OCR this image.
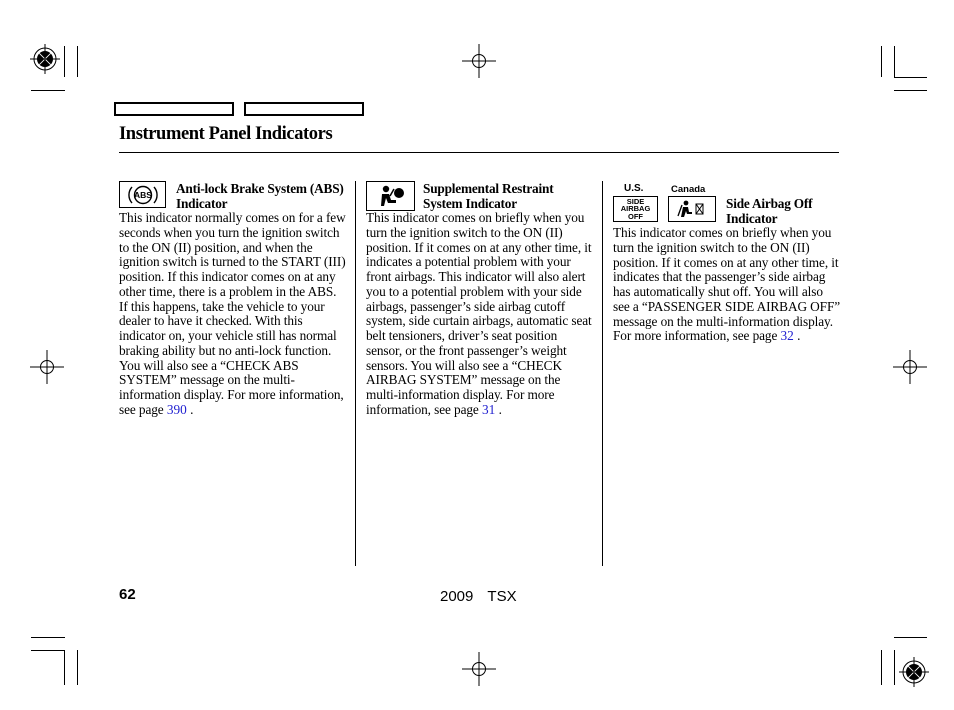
Instrument Panel Indicators
ABS Anti-lock Brake System (ABS) Indicator
This indicator normally comes on for a few seconds when you turn the ignition switch to the ON (II) position, and when the ignition switch is turned to the START (III) position. If this indicator comes on at any other time, there is a problem in the ABS. If this happens, take the vehicle to your dealer to have it checked. With this indicator on, your vehicle still has normal braking ability but no anti-lock function. You will also see a “CHECK ABS SYSTEM” message on the multi-information display. For more information, see page 390 .
Supplemental Restraint System Indicator
This indicator comes on briefly when you turn the ignition switch to the ON (II) position. If it comes on at any other time, it indicates a potential problem with your front airbags. This indicator will also alert you to a potential problem with your side airbags, passenger’s side airbag cutoff system, side curtain airbags, automatic seat belt tensioners, driver’s seat position sensor, or the front passenger’s weight sensors. You will also see a “CHECK AIRBAG SYSTEM” message on the multi-information display. For more information, see page 31 .
U.S.	Canada
SIDE
AIRBAG
OFF
Side Airbag Off Indicator
This indicator comes on briefly when you turn the ignition switch to the ON (II) position. If it comes on at any other time, it indicates that the passenger’s side airbag has automatically shut off. You will also see a “PASSENGER SIDE AIRBAG OFF” message on the multi-information display. For more information, see page 32 .
62	2009  TSX
